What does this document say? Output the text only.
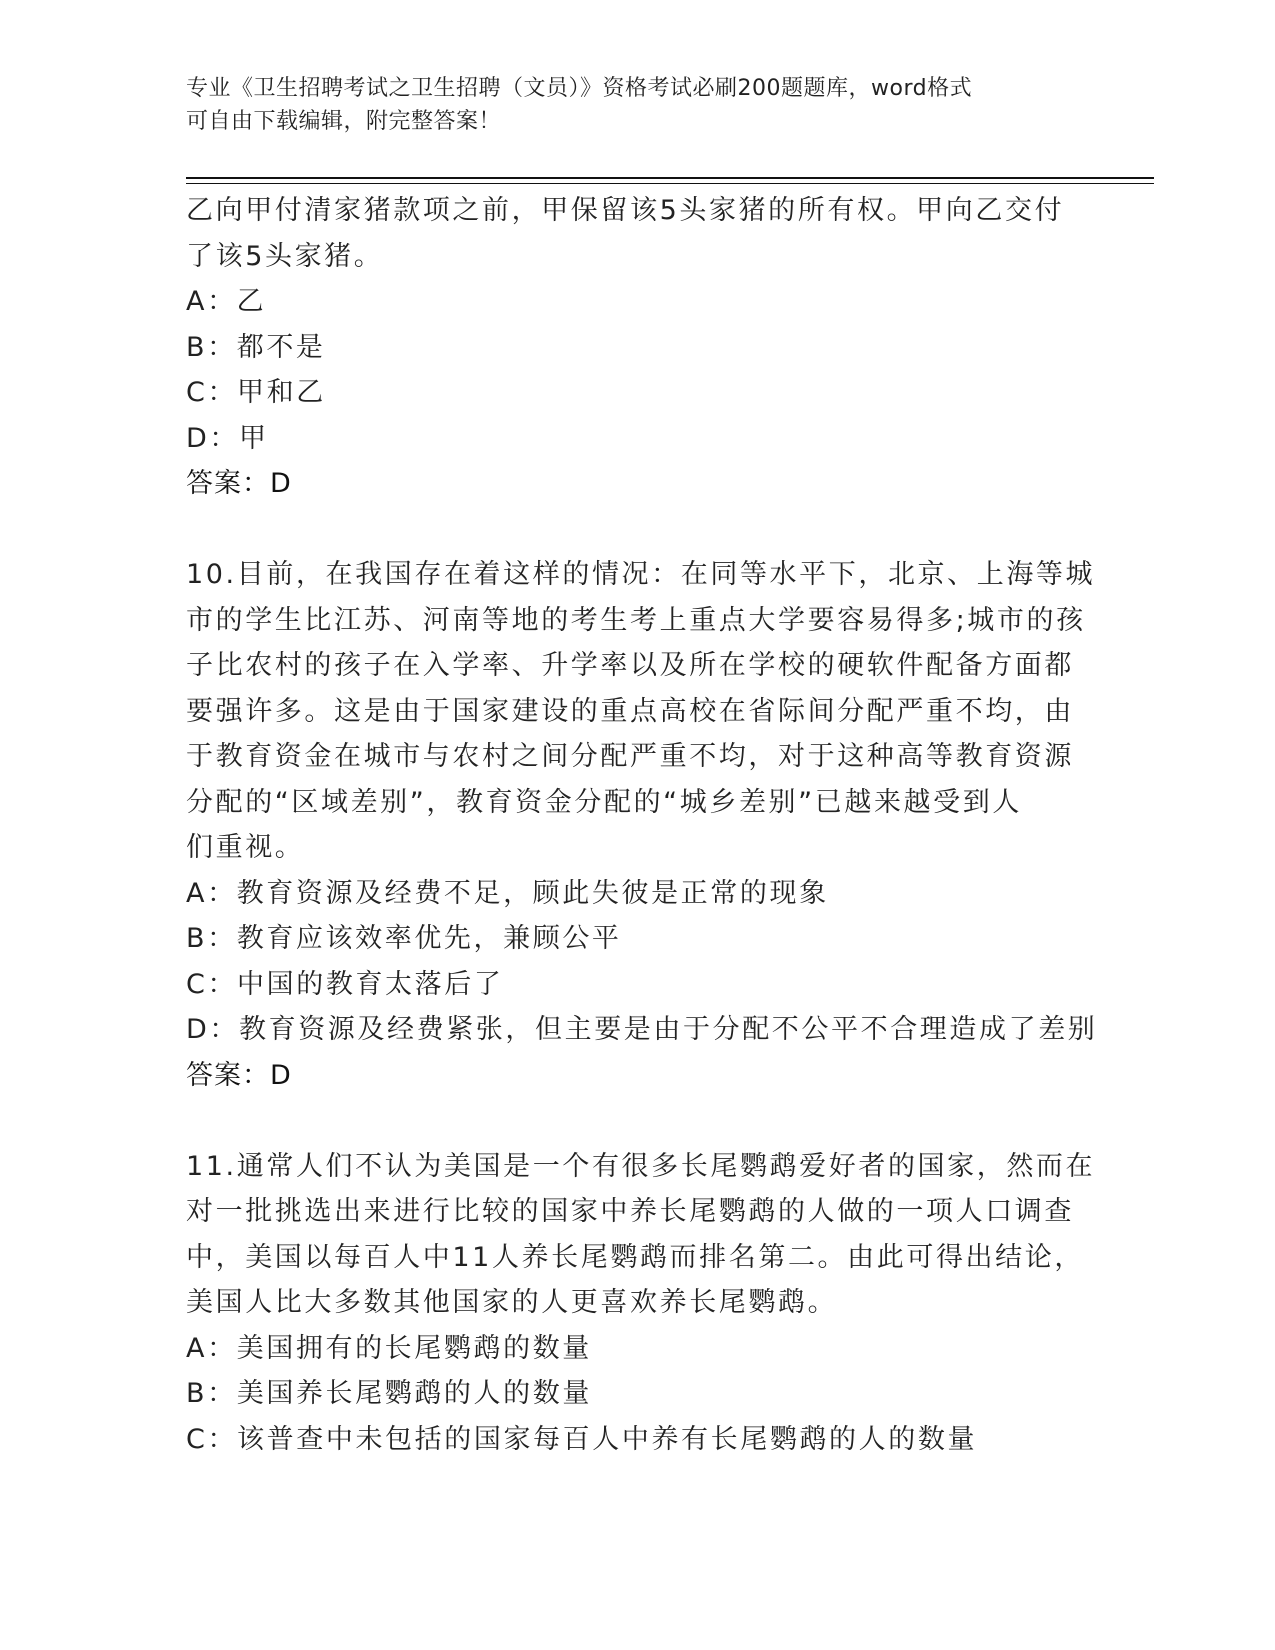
专业《卫生招聘考试之卫生招聘（文员）》资格考试必刷200题题库，word格式
可自由下载编辑，附完整答案！
乙向甲付清家猪款项之前，甲保留该5头家猪的所有权。甲向乙交付
了该5头家猪。
A：乙
B：都不是
C：甲和乙
D：甲
答案：D
10.目前，在我国存在着这样的情况：在同等水平下，北京、上海等城
市的学生比江苏、河南等地的考生考上重点大学要容易得多;城市的孩
子比农村的孩子在入学率、升学率以及所在学校的硬软件配备方面都
要强许多。这是由于国家建设的重点高校在省际间分配严重不均，由
于教育资金在城市与农村之间分配严重不均，对于这种高等教育资源
分配的“区域差别”，教育资金分配的“城乡差别”已越来越受到人
们重视。
A：教育资源及经费不足，顾此失彼是正常的现象
B：教育应该效率优先，兼顾公平
C：中国的教育太落后了
D：教育资源及经费紧张，但主要是由于分配不公平不合理造成了差别
答案：D
11.通常人们不认为美国是一个有很多长尾鹦鹉爱好者的国家，然而在
对一批挑选出来进行比较的国家中养长尾鹦鹉的人做的一项人口调查
中，美国以每百人中11人养长尾鹦鹉而排名第二。由此可得出结论，
美国人比大多数其他国家的人更喜欢养长尾鹦鹉。
A：美国拥有的长尾鹦鹉的数量
B：美国养长尾鹦鹉的人的数量
C：该普查中未包括的国家每百人中养有长尾鹦鹉的人的数量
